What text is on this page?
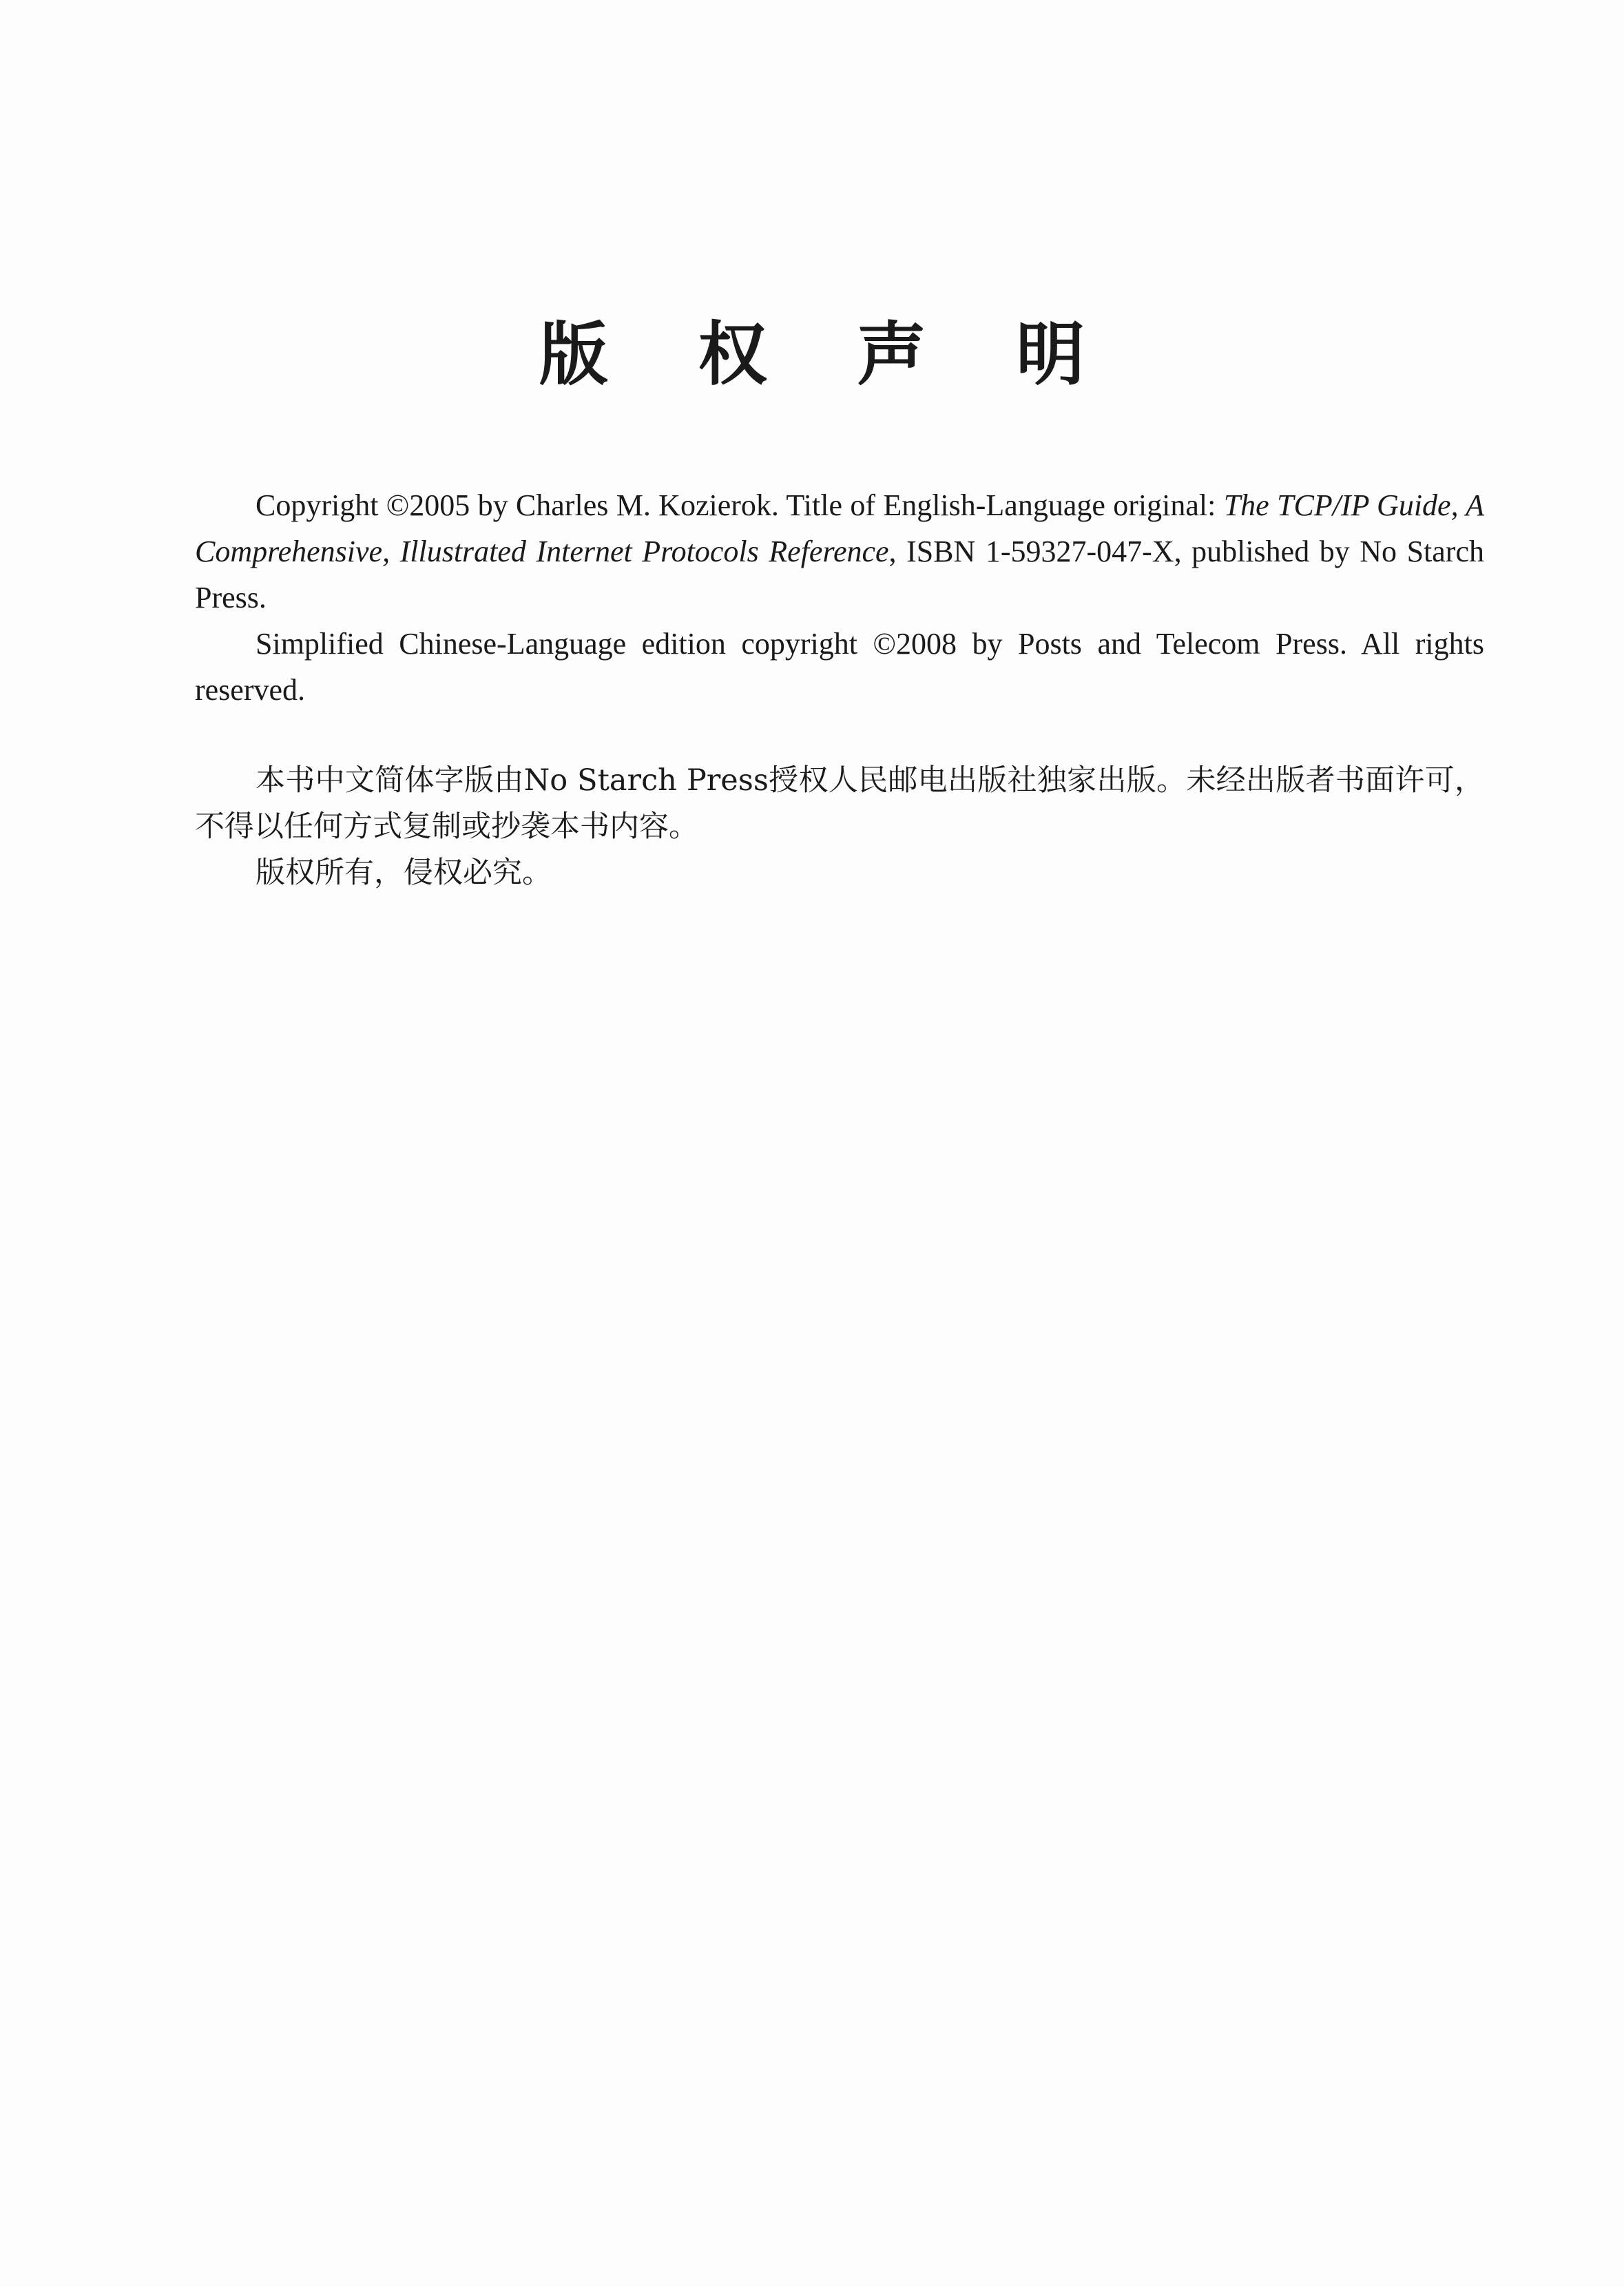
版 权 声 明

Copyright ©2005 by Charles M. Kozierok. Title of English-Language original: The TCP/IP Guide, A Comprehensive, Illustrated Internet Protocols Reference, ISBN 1-59327-047-X, published by No Starch Press.

Simplified Chinese-Language edition copyright ©2008 by Posts and Telecom Press. All rights reserved.

本书中文简体字版由No Starch Press授权人民邮电出版社独家出版。未经出版者书面许可，不得以任何方式复制或抄袭本书内容。

版权所有，侵权必究。
